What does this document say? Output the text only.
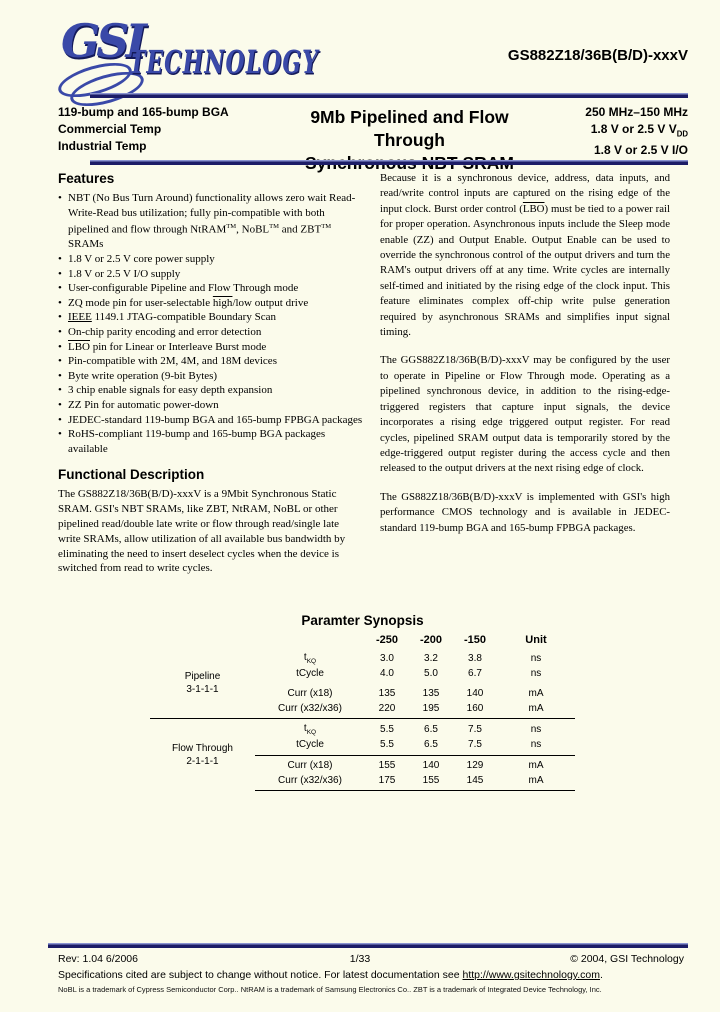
GSI
TECHNOLOGY	GS882Z18/36B(B/D)-xxxV
119-bump and 165-bump BGA
Commercial Temp
Industrial Temp
9Mb Pipelined and Flow Through
250 MHz–150 MHz
1.8 V or 2.5 V $V_{DD}$
1.8 V or 2.5 V I/O
Features
• NBT (No Bus Turn Around) functionality allows zero wait Read-Write-Read bus utilization; fully pin-compatible with both pipelined and flow through NtRAM™, NoBL™ and ZBT™ SRAMs
• 1.8 V or 2.5 V core power supply
• 1.8 V or 2.5 V I/O supply
• User-configurable Pipeline and Flow Through mode
• ZQ mode pin for user-selectable high/low output drive
• IEEE 1149.1 JTAG-compatible Boundary Scan
• On-chip parity encoding and error detection
• $\overline{LBO}$ pin for Linear or Interleave Burst mode
• Pin-compatible with 2M, 4M, and 18M devices
• Byte write operation (9-bit Bytes)
• 3 chip enable signals for easy depth expansion
• ZZ Pin for automatic power-down
• JEDEC-standard 119-bump BGA and 165-bump FPBGA packages
• RoHS-compliant 119-bump and 165-bump BGA packages available
Functional Description

The GS882Z18/36B(B/D)-xxxV is a 9Mbit Synchronous Static SRAM. GSI's NBT SRAMs, like ZBT, NtRAM, NoBL or other pipelined read/double late write or flow through read/single late write SRAMs, allow utilization of all available bus bandwidth by eliminating the need to insert deselect cycles when the device is switched from read to write cycles.

Because it is a synchronous device, address, data inputs, and read/write control inputs are captured on the rising edge of the input clock. Burst order control $(\overline{LBO})$ must be tied to a power rail for proper operation. Asynchronous inputs include the Sleep mode enable (ZZ) and Output Enable. Output Enable can be used to override the synchronous control of the output drivers and turn the RAM's output drivers off at any time. Write cycles are internally self-timed and initiated by the rising edge of the clock input. This feature eliminates complex off-chip write pulse generation required by asynchronous SRAMs and simplifies input signal timing.

The GGS882Z18/36B(B/D)-xxxV may be configured by the user to operate in Pipeline or Flow Through mode. Operating as a pipelined synchronous device, in addition to the rising-edge-triggered registers that capture input signals, the device incorporates a rising edge triggered output register. For read cycles, pipelined SRAM output data is temporarily stored by the edge-triggered output register during the access cycle and then released to the output drivers at the next rising edge of clock.

The GS882Z18/36B(B/D)-xxxV is implemented with GSI's high performance CMOS technology and is available in JEDEC-standard 119-bump BGA and 165-bump FPBGA packages.

Paramter Synopsis
-250	-200	-150	Unit
Pipeline
3-1-1-1
$t_{KQ}$	3.0	3.2	3.8	ns
tCycle	4.0	5.0	6.7	ns
Curr (x18)	135	135	140	mA
Curr (x32/x36)	220	195	160	mA
Flow Through
2-1-1-1
$t_{KQ}$	5.5	6.5	7.5	ns
tCycle	5.5	6.5	7.5	ns
Curr (x18)	155	140	129	mA
Curr (x32/x36)	175	155	145	mA
Rev: 1.04 6/2006	1/33	© 2004, GSI Technology
Specifications cited are subject to change without notice. For latest documentation see http://www.gsitechnology.com.
NoBL is a trademark of Cypress Semiconductor Corp.. NtRAM is a trademark of Samsung Electronics Co.. ZBT is a trademark of Integrated Device Technology, Inc.
